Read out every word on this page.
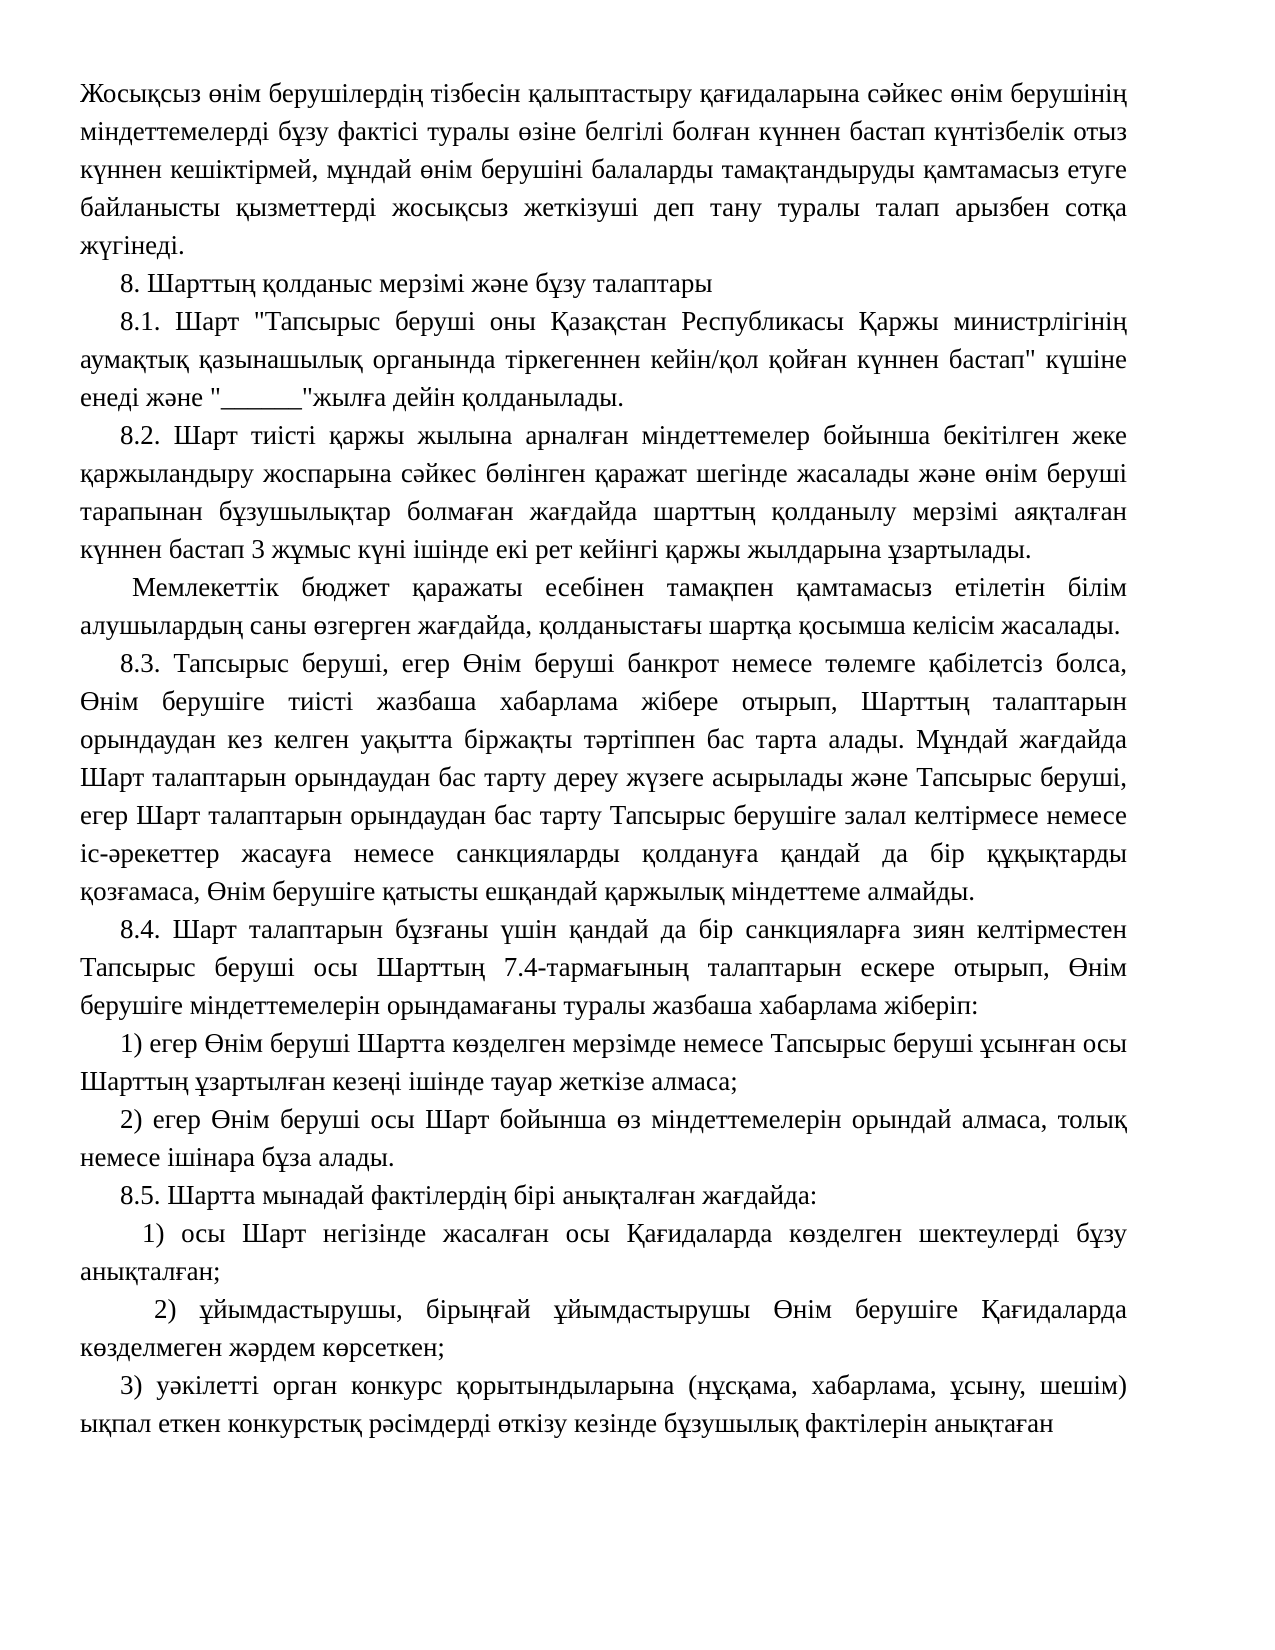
Жосықсыз өнім берушілердің тізбесін қалыптастыру қағидаларына сәйкес өнім берушінің міндеттемелерді бұзу фактісі туралы өзіне белгілі болған күннен бастап күнтізбелік отыз күннен кешіктірмей, мұндай өнім берушіні балаларды тамақтандыруды қамтамасыз етуге байланысты қызметтерді жосықсыз жеткізуші деп тану туралы талап арызбен сотқа жүгінеді.

8. Шарттың қолданыс мерзімі және бұзу талаптары

8.1. Шарт "Тапсырыс беруші оны Қазақстан Республикасы Қаржы министрлігінің аумақтық қазынашылық органында тіркегеннен кейін/қол қойған күннен бастап" күшіне енеді және "______"жылға дейін қолданылады.

8.2. Шарт тиісті қаржы жылына арналған міндеттемелер бойынша бекітілген жеке қаржыландыру жоспарына сәйкес бөлінген қаражат шегінде жасалады және өнім беруші тарапынан бұзушылықтар болмаған жағдайда шарттың қолданылу мерзімі аяқталған күннен бастап 3 жұмыс күні ішінде екі рет кейінгі қаржы жылдарына ұзартылады.

Мемлекеттік бюджет қаражаты есебінен тамақпен қамтамасыз етілетін білім алушылардың саны өзгерген жағдайда, қолданыстағы шартқа қосымша келісім жасалады.

8.3. Тапсырыс беруші, егер Өнім беруші банкрот немесе төлемге қабілетсіз болса, Өнім берушіге тиісті жазбаша хабарлама жібере отырып, Шарттың талаптарын орындаудан кез келген уақытта біржақты тәртіппен бас тарта алады. Мұндай жағдайда Шарт талаптарын орындаудан бас тарту дереу жүзеге асырылады және Тапсырыс беруші, егер Шарт талаптарын орындаудан бас тарту Тапсырыс берушіге залал келтірмесе немесе іс-әрекеттер жасауға немесе санкцияларды қолдануға қандай да бір құқықтарды қозғамаса, Өнім берушіге қатысты ешқандай қаржылық міндеттеме алмайды.

8.4. Шарт талаптарын бұзғаны үшін қандай да бір санкцияларға зиян келтірместен Тапсырыс беруші осы Шарттың 7.4-тармағының талаптарын ескере отырып, Өнім берушіге міндеттемелерін орындамағаны туралы жазбаша хабарлама жіберіп:

1) егер Өнім беруші Шартта көзделген мерзімде немесе Тапсырыс беруші ұсынған осы Шарттың ұзартылған кезеңі ішінде тауар жеткізе алмаса;

2) егер Өнім беруші осы Шарт бойынша өз міндеттемелерін орындай алмаса, толық немесе ішінара бұза алады.

8.5. Шартта мынадай фактілердің бірі анықталған жағдайда:

1) осы Шарт негізінде жасалған осы Қағидаларда көзделген шектеулерді бұзу анықталған;

2) ұйымдастырушы, бірыңғай ұйымдастырушы Өнім берушіге Қағидаларда көзделмеген жәрдем көрсеткен;

3) уәкілетті орган конкурс қорытындыларына (нұсқама, хабарлама, ұсыну, шешім) ықпал еткен конкурстық рәсімдерді өткізу кезінде бұзушылық фактілерін анықтаған
